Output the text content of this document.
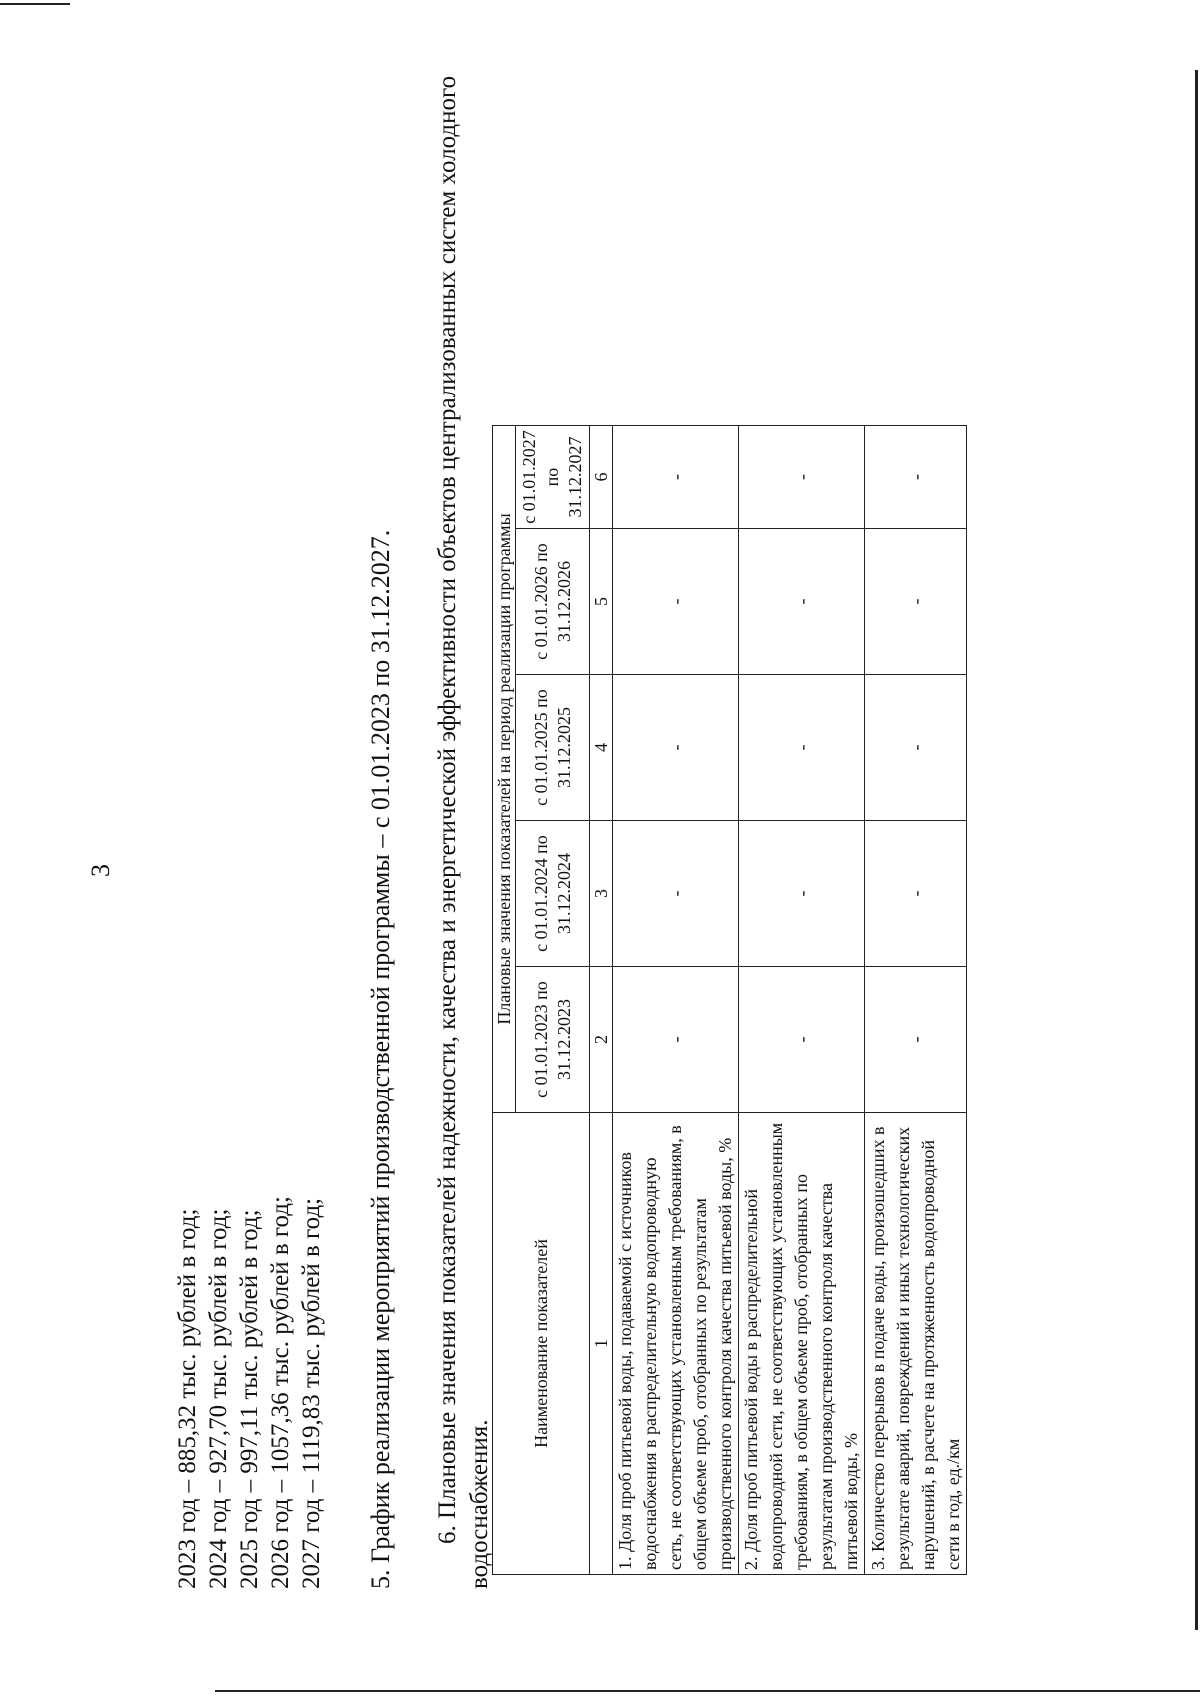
3
2023 год – 885,32 тыс. рублей в год; 2024 год – 927,70 тыс. рублей в год; 2025 год – 997,11 тыс. рублей в год; 2026 год – 1057,36 тыс. рублей в год; 2027 год – 1119,83 тыс. рублей в год; 5. График реализации мероприятий производственной программы – с 01.01.2023 по 31.12.2027. 6. Плановые значения показателей надежности, качества и энергетической эффективности объектов централизованных систем холодного водоснабжения.
Наименование показателей	Плановые значения показателей на период реализации программы				
	с 01.01.2023 по 31.12.2023	с 01.01.2024 по 31.12.2024	с 01.01.2025 по 31.12.2025	с 01.01.2026 по 31.12.2026	с 01.01.2027 по 31.12.2027
1	2	3	4	5	6
1. Доля проб питьевой воды, подаваемой с источников водоснабжения в распределительную водопроводную сеть, не соответствующих установленным требованиям, в общем объеме проб, отобранных по результатам производственного контроля качества питьевой воды, %	-	-	-	-	-
2. Доля проб питьевой воды в распределительной водопроводной сети, не соответствующих установленным требованиям, в общем объеме проб, отобранных по результатам производственного контроля качества питьевой воды, %	-	-	-	-	-
3. Количество перерывов в подаче воды, произошедших в результате аварий, повреждений и иных технологических нарушений, в расчете на протяженность водопроводной сети в год, ед./км	-	-	-	-	-
